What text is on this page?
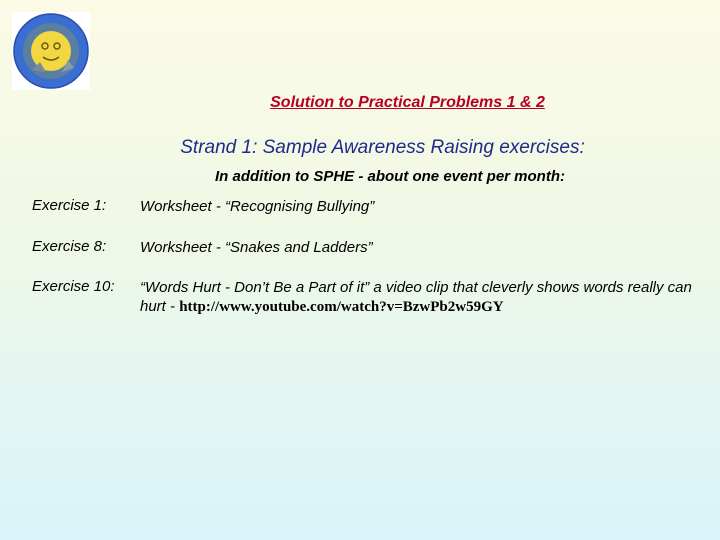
Solution to Practical Problems 1 & 2
Strand 1: Sample Awareness Raising exercises:
In addition to SPHE - about one event per month:
Exercise 1: Worksheet - “Recognising Bullying”
Exercise 8: Worksheet - “Snakes and Ladders”
Exercise 10: “Words Hurt - Don’t Be a Part of it” a video clip that cleverly shows words really can hurt - http://www.youtube.com/watch?v=BzwPb2w59GY
